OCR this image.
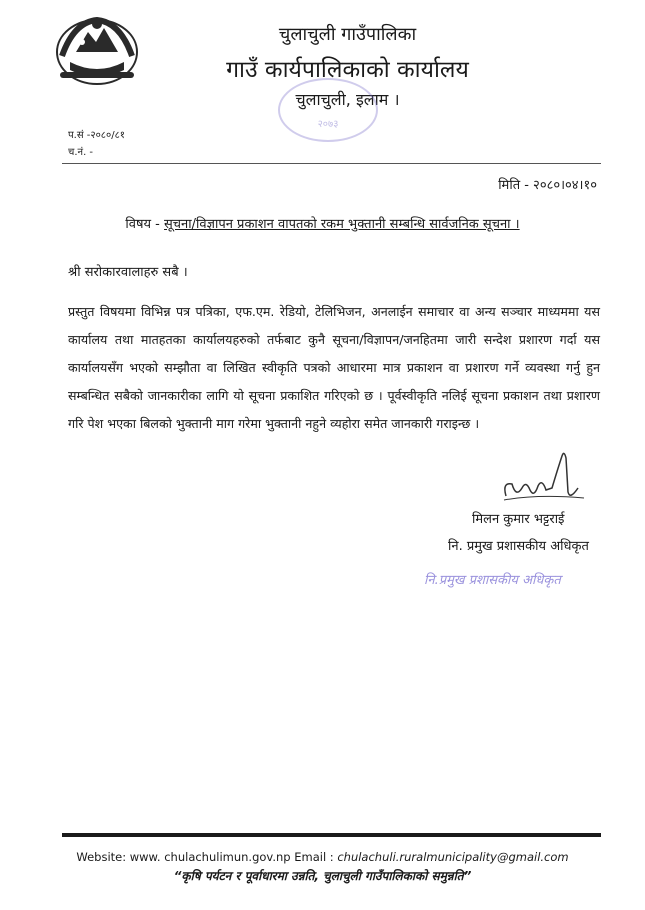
चुलाचुली गाउँपालिका
गाउँ कार्यपालिकाको कार्यालय
चुलाचुली, इलाम ।
२०७३
प.सं -२०८०/८१
च.नं. -
मिति - २०८०।०४।१०
विषय - सूचना/विज्ञापन प्रकाशन वापतको रकम भुक्तानी सम्बन्धि सार्वजनिक सूचना ।
श्री सरोकारवालाहरु सबै ।
प्रस्तुत विषयमा विभिन्न पत्र पत्रिका, एफ.एम. रेडियो, टेलिभिजन, अनलाईन समाचार वा अन्य सञ्चार माध्यममा यस कार्यालय तथा मातहतका कार्यालयहरुको तर्फबाट कुनै सूचना/विज्ञापन/जनहितमा जारी सन्देश प्रशारण गर्दा यस कार्यालयसँग भएको सम्झौता वा लिखित स्वीकृति पत्रको आधारमा मात्र प्रकाशन वा प्रशारण गर्ने व्यवस्था गर्नु हुन सम्बन्धित सबैको जानकारीका लागि यो सूचना प्रकाशित गरिएको छ । पूर्वस्वीकृति नलिई सूचना प्रकाशन तथा प्रशारण गरि पेश भएका बिलको भुक्तानी माग गरेमा भुक्तानी नहुने व्यहोरा समेत जानकारी गराइन्छ ।
मिलन कुमार भट्टराई
नि. प्रमुख प्रशासकीय अधिकृत
नि.प्रमुख प्रशासकीय अधिकृत
Website: www. chulachulimun.gov.np Email : chulachuli.ruralmunicipality@gmail.com
“कृषि पर्यटन र पूर्वाधारमा उन्नति, चुलाचुली गाउँपालिकाको समुन्नति”
